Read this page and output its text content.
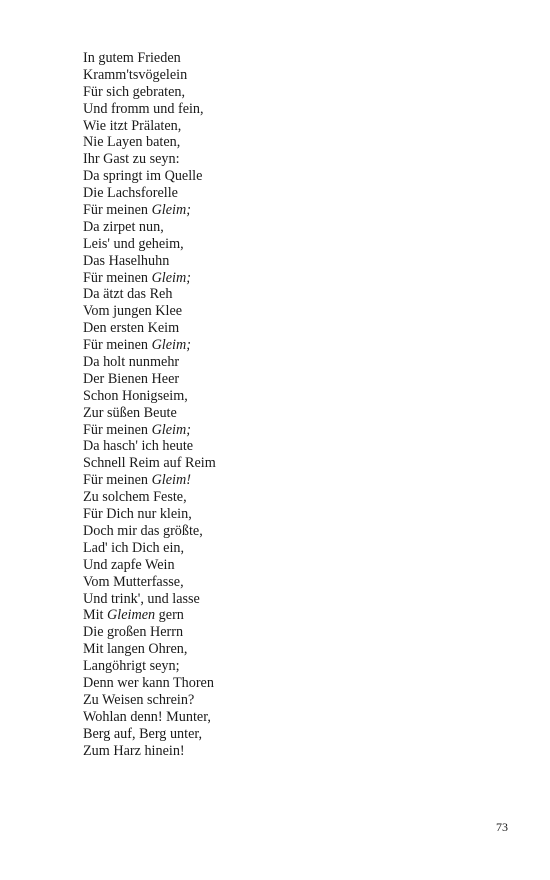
In gutem Frieden
Kramm'tsvögelein
Für sich gebraten,
Und fromm und fein,
Wie itzt Prälaten,
Nie Layen baten,
Ihr Gast zu seyn:
Da springt im Quelle
Die Lachsforelle
Für meinen Gleim;
Da zirpet nun,
Leis' und geheim,
Das Haselhuhn
Für meinen Gleim;
Da ätzt das Reh
Vom jungen Klee
Den ersten Keim
Für meinen Gleim;
Da holt nunmehr
Der Bienen Heer
Schon Honigseim,
Zur süßen Beute
Für meinen Gleim;
Da hasch' ich heute
Schnell Reim auf Reim
Für meinen Gleim!
Zu solchem Feste,
Für Dich nur klein,
Doch mir das größte,
Lad' ich Dich ein,
Und zapfe Wein
Vom Mutterfasse,
Und trink', und lasse
Mit Gleimen gern
Die großen Herrn
Mit langen Ohren,
Langöhrigt seyn;
Denn wer kann Thoren
Zu Weisen schrein?
Wohlan denn! Munter,
Berg auf, Berg unter,
Zum Harz hinein!
73
